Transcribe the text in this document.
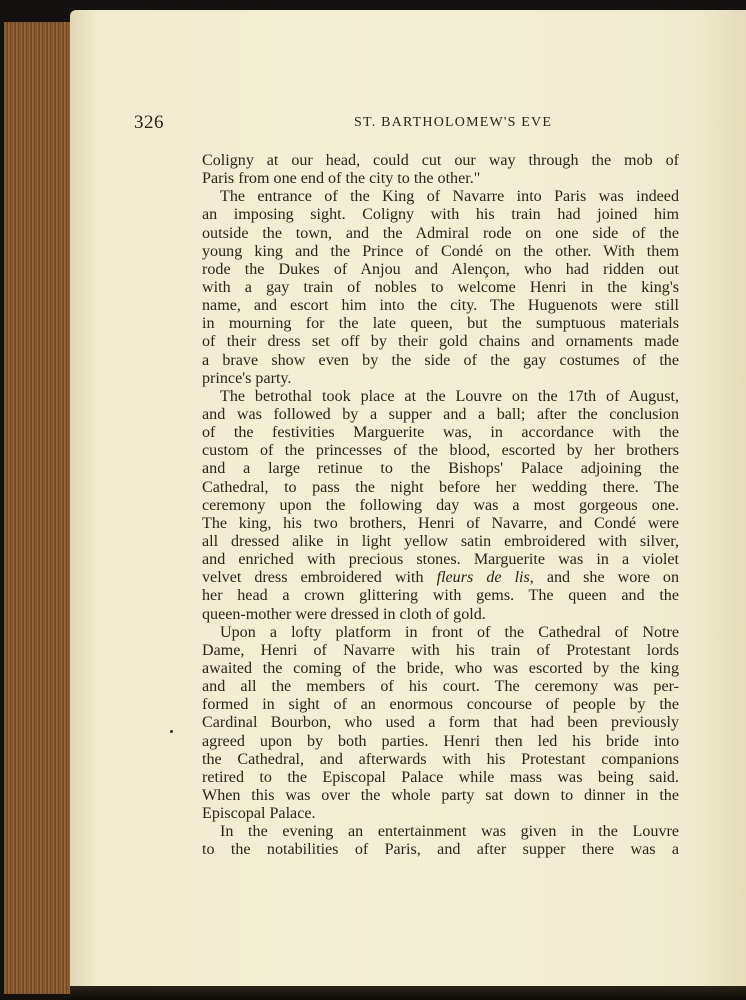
326	ST. BARTHOLOMEW'S EVE
Coligny at our head, could cut our way through the mob of
Paris from one end of the city to the other."
The entrance of the King of Navarre into Paris was indeed
an imposing sight. Coligny with his train had joined him
outside the town, and the Admiral rode on one side of the
young king and the Prince of Condé on the other. With them
rode the Dukes of Anjou and Alençon, who had ridden out
with a gay train of nobles to welcome Henri in the king's
name, and escort him into the city. The Huguenots were still
in mourning for the late queen, but the sumptuous materials
of their dress set off by their gold chains and ornaments made
a brave show even by the side of the gay costumes of the
prince's party.
The betrothal took place at the Louvre on the 17th of August,
and was followed by a supper and a ball; after the conclusion
of the festivities Marguerite was, in accordance with the
custom of the princesses of the blood, escorted by her brothers
and a large retinue to the Bishops' Palace adjoining the
Cathedral, to pass the night before her wedding there. The
ceremony upon the following day was a most gorgeous one.
The king, his two brothers, Henri of Navarre, and Condé were
all dressed alike in light yellow satin embroidered with silver,
and enriched with precious stones. Marguerite was in a violet
velvet dress embroidered with fleurs de lis, and she wore on
her head a crown glittering with gems. The queen and the
queen-mother were dressed in cloth of gold.
Upon a lofty platform in front of the Cathedral of Notre
Dame, Henri of Navarre with his train of Protestant lords
awaited the coming of the bride, who was escorted by the king
and all the members of his court. The ceremony was per-
formed in sight of an enormous concourse of people by the
Cardinal Bourbon, who used a form that had been previously
agreed upon by both parties. Henri then led his bride into
the Cathedral, and afterwards with his Protestant companions
retired to the Episcopal Palace while mass was being said.
When this was over the whole party sat down to dinner in the
Episcopal Palace.
In the evening an entertainment was given in the Louvre
to the notabilities of Paris, and after supper there was a
